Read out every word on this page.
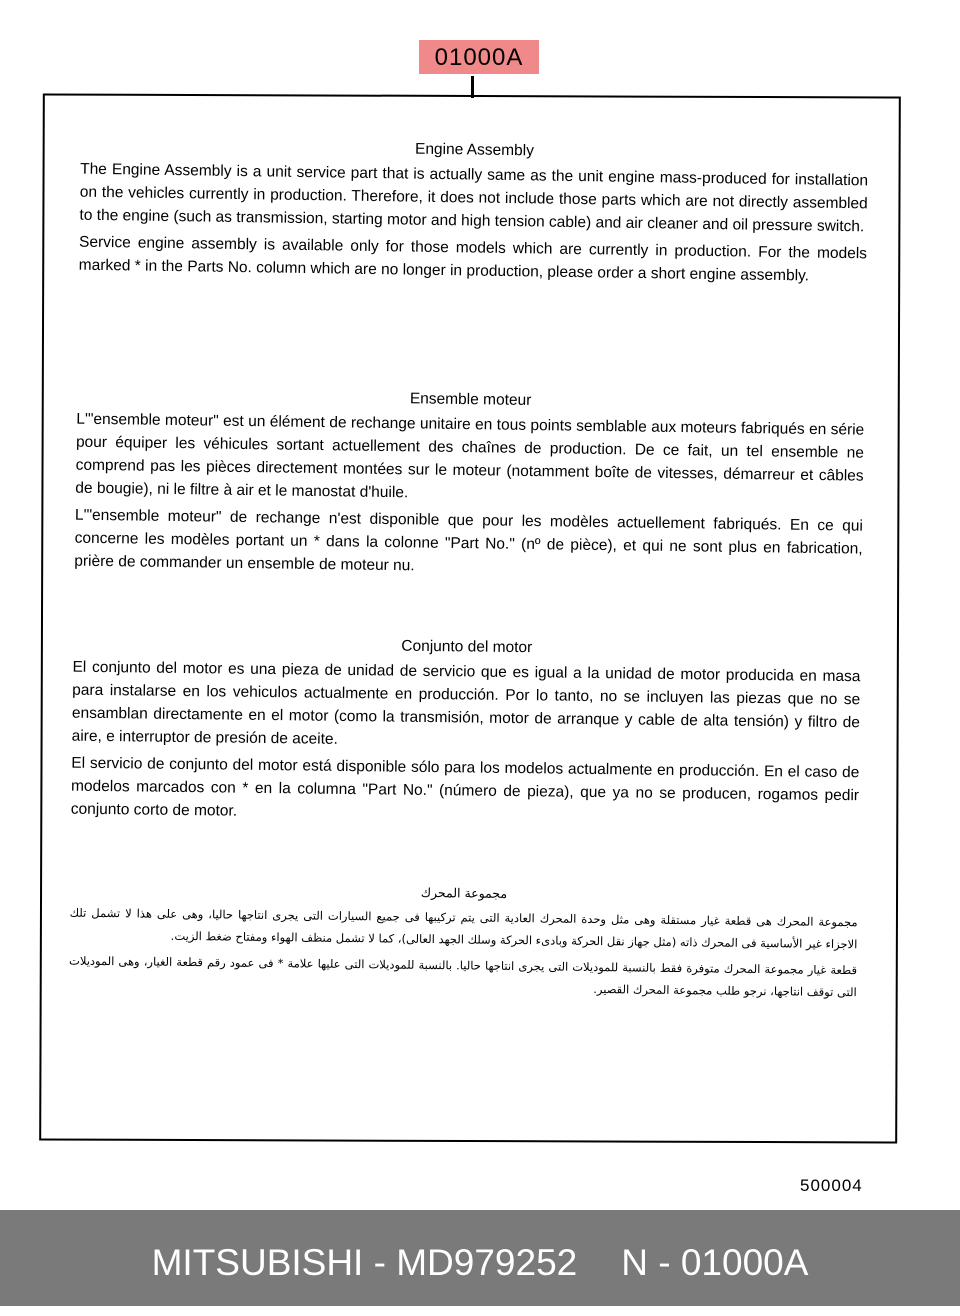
01000A
Engine Assembly

The Engine Assembly is a unit service part that is actually same as the unit engine mass-produced for installation on the vehicles currently in production. Therefore, it does not include those parts which are not directly assembled to the engine (such as transmission, starting motor and high tension cable) and air cleaner and oil pressure switch.

Service engine assembly is available only for those models which are currently in production. For the models marked * in the Parts No. column which are no longer in production, please order a short engine assembly.

Ensemble moteur

L'"ensemble moteur" est un élément de rechange unitaire en tous points semblable aux moteurs fabriqués en série pour équiper les véhicules sortant actuellement des chaînes de production. De ce fait, un tel ensemble ne comprend pas les pièces directement montées sur le moteur (notamment boîte de vitesses, démarreur et câbles de bougie), ni le filtre à air et le manostat d'huile.

L'"ensemble moteur" de rechange n'est disponible que pour les modèles actuellement fabriqués. En ce qui concerne les modèles portant un * dans la colonne "Part No." (nº de pièce), et qui ne sont plus en fabrication, prière de commander un ensemble de moteur nu.

Conjunto del motor

El conjunto del motor es una pieza de unidad de servicio que es igual a la unidad de motor producida en masa para instalarse en los vehiculos actualmente en producción. Por lo tanto, no se incluyen las piezas que no se ensamblan directamente en el motor (como la transmisión, motor de arranque y cable de alta tensión) y filtro de aire, e interruptor de presión de aceite.

El servicio de conjunto del motor está disponible sólo para los modelos actualmente en producción. En el caso de modelos marcados con * en la columna "Part No." (número de pieza), que ya no se producen, rogamos pedir conjunto corto de motor.

مجموعة المحرك

مجموعة المحرك هى قطعة غيار مستقلة وهى مثل وحدة المحرك العادية التى يتم تركيبها فى جميع السيارات التى يجرى انتاجها حاليا، وهى على هذا لا تشمل تلك الاجزاء غير الأساسية فى المحرك ذاته (مثل جهاز نقل الحركة وبادىء الحركة وسلك الجهد العالى)، كما لا تشمل منظف الهواء ومفتاح ضغط الزيت.

قطعة غيار مجموعة المحرك متوفرة فقط بالنسبة للموديلات التى يجرى انتاجها حاليا. بالنسبة للموديلات التى عليها علامة * فى عمود رقم قطعة الغيار، وهى الموديلات التى توقف انتاجها، نرجو طلب مجموعة المحرك القصير.

500004
MITSUBISHI - MD979252 N - 01000A
